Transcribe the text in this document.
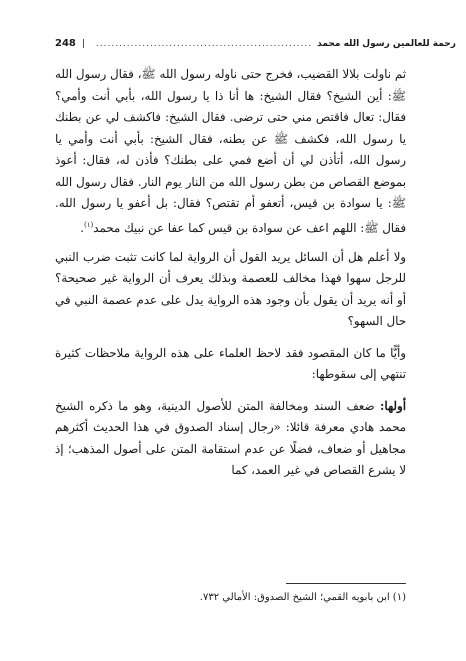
248 | ........................................................ رحمة للعالمين رسول الله محمد

ثم ناولت بلالا القضيب، فخرج حتى ناوله رسول الله ﷺ، فقال رسول الله ﷺ: أين الشيخ؟ فقال الشيخ: ها أنا ذا يا رسول الله، بأبي أنت وأمي؟ فقال: تعال فاقتص مني حتى ترضى. فقال الشيخ: فاكشف لي عن بطنك يا رسول الله، فكشف ﷺ عن بطنه، فقال الشيخ: بأبي أنت وأمي يا رسول الله، أتأذن لي أن أضع فمي على بطنك؟ فأذن له، فقال: أعوذ بموضع القصاص من بطن رسول الله من النار يوم النار. فقال رسول الله ﷺ: يا سوادة بن قيس، أتعفو أم تقتص؟ فقال: بل أعفو يا رسول الله. فقال ﷺ: اللهم اعف عن سوادة بن قيس كما عفا عن نبيك محمد$^{(١)}$.

ولا أعلم هل أن السائل يريد القول أن الرواية لما كانت تثبت ضرب النبي للرجل سهوا فهذا مخالف للعصمة وبذلك يعرف أن الرواية غير صحيحة؟ أو أنه يريد أن يقول بأن وجود هذه الرواية يدل على عدم عصمة النبي في حال السهو؟

وأيًّا ما كان المقصود فقد لاحظ العلماء على هذه الرواية ملاحظات كثيرة تنتهي إلى سقوطها:

أولها: ضعف السند ومخالفة المتن للأصول الدينية، وهو ما ذكره الشيخ محمد هادي معرفة قائلا: «رجال إسناد الصدوق في هذا الحديث أكثرهم مجاهيل أو ضعاف، فضلًا عن عدم استقامة المتن على أصول المذهب؛ إذ لا يشرع القصاص في غير العمد، كما

(١) ابن بابويه القمي؛ الشيخ الصدوق: الأمالي ٧٣٢.
